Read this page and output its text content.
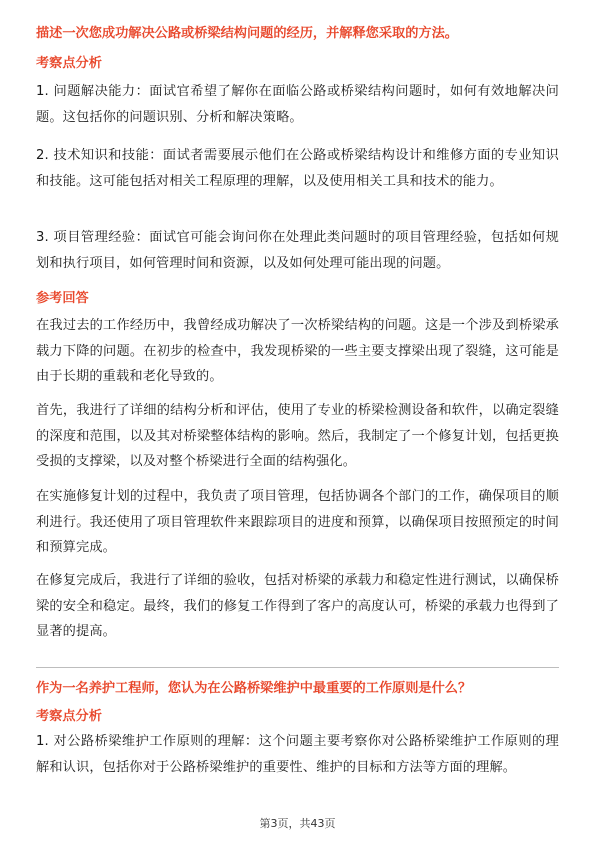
描述一次您成功解决公路或桥梁结构问题的经历，并解释您采取的方法。
考察点分析
1. 问题解决能力：面试官希望了解你在面临公路或桥梁结构问题时，如何有效地解决问题。这包括你的问题识别、分析和解决策略。
2. 技术知识和技能：面试者需要展示他们在公路或桥梁结构设计和维修方面的专业知识和技能。这可能包括对相关工程原理的理解，以及使用相关工具和技术的能力。
3. 项目管理经验：面试官可能会询问你在处理此类问题时的项目管理经验，包括如何规划和执行项目，如何管理时间和资源，以及如何处理可能出现的问题。
参考回答
在我过去的工作经历中，我曾经成功解决了一次桥梁结构的问题。这是一个涉及到桥梁承载力下降的问题。在初步的检查中，我发现桥梁的一些主要支撑梁出现了裂缝，这可能是由于长期的重载和老化导致的。
首先，我进行了详细的结构分析和评估，使用了专业的桥梁检测设备和软件，以确定裂缝的深度和范围，以及其对桥梁整体结构的影响。然后，我制定了一个修复计划，包括更换受损的支撑梁，以及对整个桥梁进行全面的结构强化。
在实施修复计划的过程中，我负责了项目管理，包括协调各个部门的工作，确保项目的顺利进行。我还使用了项目管理软件来跟踪项目的进度和预算，以确保项目按照预定的时间和预算完成。
在修复完成后，我进行了详细的验收，包括对桥梁的承载力和稳定性进行测试，以确保桥梁的安全和稳定。最终，我们的修复工作得到了客户的高度认可，桥梁的承载力也得到了显著的提高。
作为一名养护工程师，您认为在公路桥梁维护中最重要的工作原则是什么？
考察点分析
1. 对公路桥梁维护工作原则的理解：这个问题主要考察你对公路桥梁维护工作原则的理解和认识，包括你对于公路桥梁维护的重要性、维护的目标和方法等方面的理解。
第3页，共43页
